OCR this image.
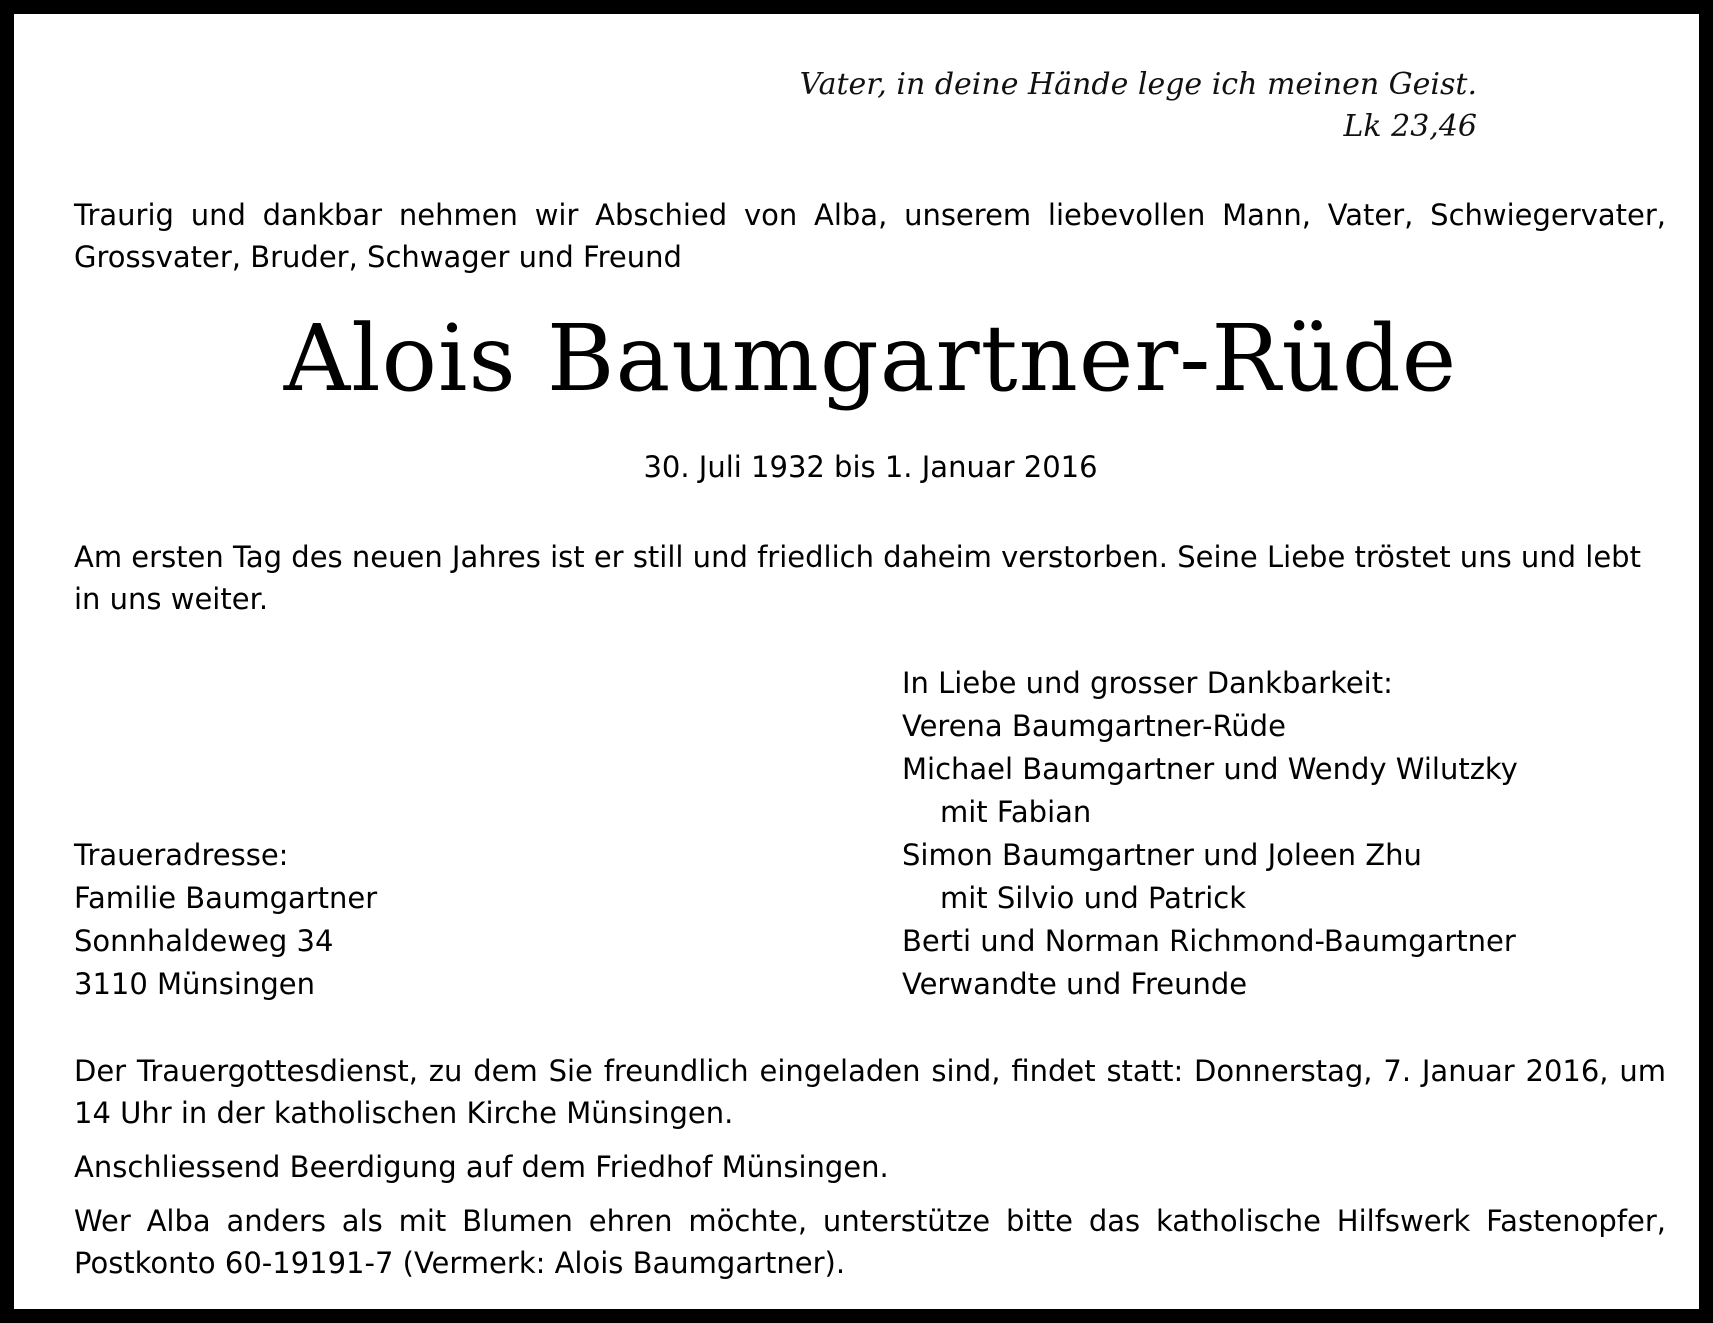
Vater, in deine Hände lege ich meinen Geist.
Lk 23,46
Traurig und dankbar nehmen wir Abschied von Alba, unserem liebevollen Mann, Vater, Schwiegervater, Grossvater, Bruder, Schwager und Freund
Alois Baumgartner-Rüde
30. Juli 1932 bis 1. Januar 2016
Am ersten Tag des neuen Jahres ist er still und friedlich daheim verstorben. Seine Liebe tröstet uns und lebt in uns weiter.
In Liebe und grosser Dankbarkeit:
Verena Baumgartner-Rüde
Michael Baumgartner und Wendy Wilutzky
mit Fabian
Simon Baumgartner und Joleen Zhu
mit Silvio und Patrick
Berti und Norman Richmond-Baumgartner
Verwandte und Freunde
Traueradresse:
Familie Baumgartner
Sonnhaldeweg 34
3110 Münsingen

Der Trauergottesdienst, zu dem Sie freundlich eingeladen sind, findet statt: Donnerstag, 7. Januar 2016, um 14 Uhr in der katholischen Kirche Münsingen.

Anschliessend Beerdigung auf dem Friedhof Münsingen.

Wer Alba anders als mit Blumen ehren möchte, unterstütze bitte das katholische Hilfswerk Fastenopfer, Postkonto 60-19191-7 (Vermerk: Alois Baumgartner).
